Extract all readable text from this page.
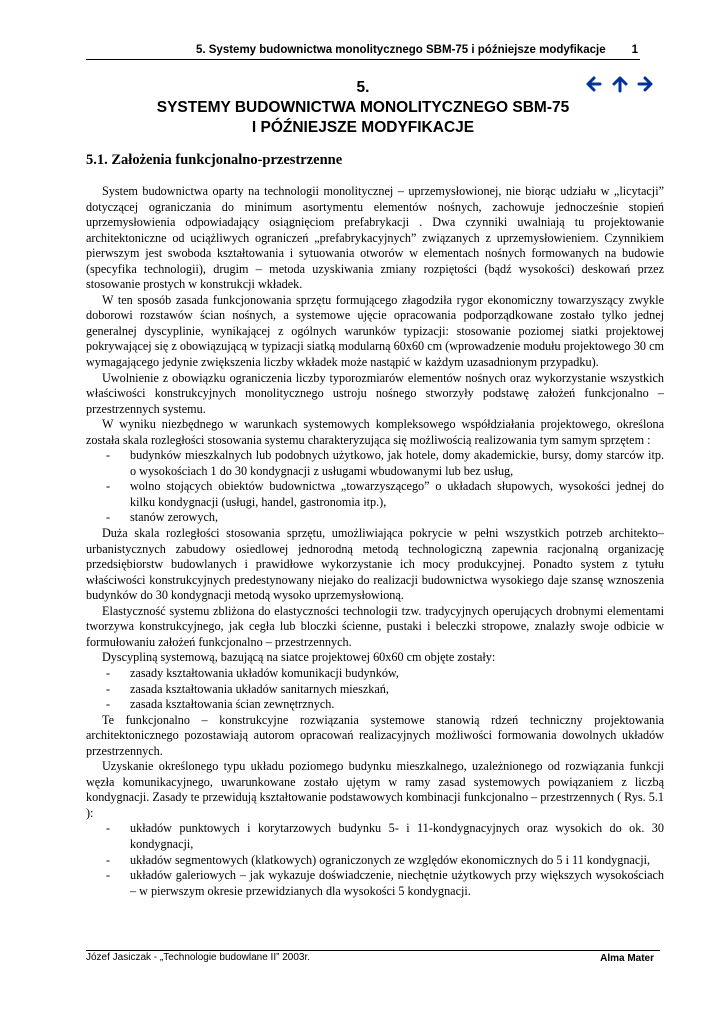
5. Systemy budownictwa monolitycznego SBM-75 i późniejsze modyfikacje 1
5.
SYSTEMY BUDOWNICTWA MONOLITYCZNEGO SBM-75
I PÓŹNIEJSZE MODYFIKACJE
5.1. Założenia funkcjonalno-przestrzenne

System budownictwa oparty na technologii monolitycznej – uprzemysłowionej, nie biorąc udziału w „licytacji” dotyczącej ograniczania do minimum asortymentu elementów nośnych, zachowuje jednocześnie stopień uprzemysłowienia odpowiadający osiągnięciom prefabrykacji . Dwa czynniki uwalniają tu projektowanie architektoniczne od uciążliwych ograniczeń „prefabrykacyjnych” związanych z uprzemysłowieniem. Czynnikiem pierwszym jest swoboda kształtowania i sytuowania otworów w elementach nośnych formowanych na budowie (specyfika technologii), drugim – metoda uzyskiwania zmiany rozpiętości (bądź wysokości) deskowań przez stosowanie prostych w konstrukcji wkładek.

W ten sposób zasada funkcjonowania sprzętu formującego złagodziła rygor ekonomiczny towarzyszący zwykle doborowi rozstawów ścian nośnych, a systemowe ujęcie opracowania podporządkowane zostało tylko jednej generalnej dyscyplinie, wynikającej z ogólnych warunków typizacji: stosowanie poziomej siatki projektowej pokrywającej się z obowiązującą w typizacji siatką modularną 60x60 cm (wprowadzenie modułu projektowego 30 cm wymagającego jedynie zwiększenia liczby wkładek może nastąpić w każdym uzasadnionym przypadku).

Uwolnienie z obowiązku ograniczenia liczby typorozmiarów elementów nośnych oraz wykorzystanie wszystkich właściwości konstrukcyjnych monolitycznego ustroju nośnego stworzyły podstawę założeń funkcjonalno – przestrzennych systemu.

W wyniku niezbędnego w warunkach systemowych kompleksowego współdziałania projektowego, określona została skala rozległości stosowania systemu charakteryzująca się możliwością realizowania tym samym sprzętem :

- budynków mieszkalnych lub podobnych użytkowo, jak hotele, domy akademickie, bursy, domy starców itp. o wysokościach 1 do 30 kondygnacji z usługami wbudowanymi lub bez usług,
- wolno stojących obiektów budownictwa „towarzyszącego” o układach słupowych, wysokości jednej do kilku kondygnacji (usługi, handel, gastronomia itp.),
- stanów zerowych,

Duża skala rozległości stosowania sprzętu, umożliwiająca pokrycie w pełni wszystkich potrzeb architekto–urbanistycznych zabudowy osiedlowej jednorodną metodą technologiczną zapewnia racjonalną organizację przedsiębiorstw budowlanych i prawidłowe wykorzystanie ich mocy produkcyjnej. Ponadto system z tytułu właściwości konstrukcyjnych predestynowany niejako do realizacji budownictwa wysokiego daje szansę wznoszenia budynków do 30 kondygnacji metodą wysoko uprzemysłowioną.

Elastyczność systemu zbliżona do elastyczności technologii tzw. tradycyjnych operujących drobnymi elementami tworzywa konstrukcyjnego, jak cegła lub bloczki ścienne, pustaki i beleczki stropowe, znalazły swoje odbicie w formułowaniu założeń funkcjonalno – przestrzennych.

Dyscypliną systemową, bazującą na siatce projektowej 60x60 cm objęte zostały:

- zasady kształtowania układów komunikacji budynków,
- zasada kształtowania układów sanitarnych mieszkań,
- zasada kształtowania ścian zewnętrznych.

Te funkcjonalno – konstrukcyjne rozwiązania systemowe stanowią rdzeń techniczny projektowania architektonicznego pozostawiają autorom opracowań realizacyjnych możliwości formowania dowolnych układów przestrzennych.

Uzyskanie określonego typu układu poziomego budynku mieszkalnego, uzależnionego od rozwiązania funkcji węzła komunikacyjnego, uwarunkowane zostało ujętym w ramy zasad systemowych powiązaniem z liczbą kondygnacji. Zasady te przewidują kształtowanie podstawowych kombinacji funkcjonalno – przestrzennych ( Rys. 5.1 ):

- układów punktowych i korytarzowych budynku 5- i 11-kondygnacyjnych oraz wysokich do ok. 30 kondygnacji,
- układów segmentowych (klatkowych) ograniczonych ze względów ekonomicznych do 5 i 11 kondygnacji,
- układów galeriowych – jak wykazuje doświadczenie, niechętnie użytkowych przy większych wysokościach – w pierwszym okresie przewidzianych dla wysokości 5 kondygnacji.
Józef Jasiczak - „Technologie budowlane II” 2003r.	Alma Mater
